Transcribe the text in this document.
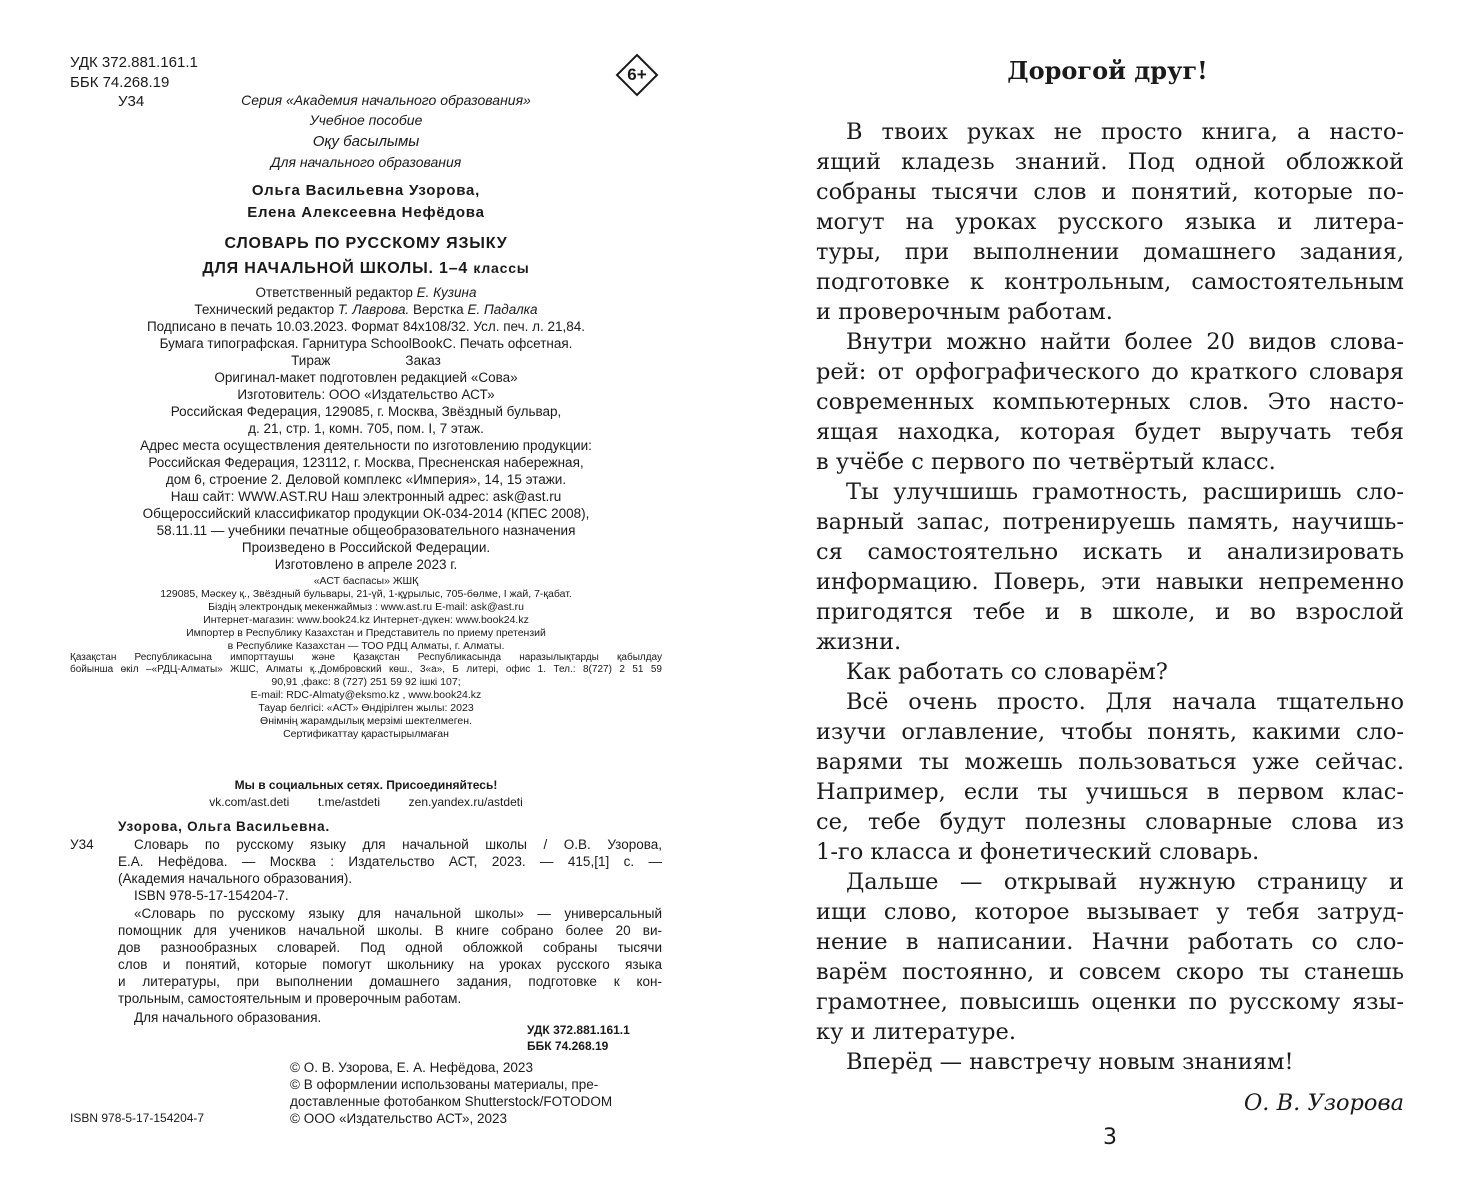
УДК 372.881.161.1
ББК 74.268.19
У34
6+
Серия «Академия начального образования»
Учебное пособие
Оқу басылымы
Для начального образования
Ольга Васильевна Узорова,
Елена Алексеевна Нефёдова
СЛОВАРЬ ПО РУССКОМУ ЯЗЫКУ
ДЛЯ НАЧАЛЬНОЙ ШКОЛЫ. 1–4 классы
Ответственный редактор Е. Кузина
Технический редактор Т. Лаврова. Верстка Е. Падалка
Подписано в печать 10.03.2023. Формат 84x108/32. Усл. печ. л. 21,84.
Бумага типографская. Гарнитура SchoolBookC. Печать офсетная.
Тираж                    Заказ
Оригинал-макет подготовлен редакцией «Сова»
Изготовитель: ООО «Издательство АСТ»
Российская Федерация, 129085, г. Москва, Звёздный бульвар,
д. 21, стр. 1, комн. 705, пом. I, 7 этаж.
Адрес места осуществления деятельности по изготовлению продукции:
Российская Федерация, 123112, г. Москва, Пресненская набережная,
дом 6, строение 2. Деловой комплекс «Империя», 14, 15 этажи.
Наш сайт: WWW.AST.RU Наш электронный адрес: ask@ast.ru
Общероссийский классификатор продукции ОК-034-2014 (КПЕС 2008),
58.11.11 — учебники печатные общеобразовательного назначения
Произведено в Российской Федерации.
Изготовлено в апреле 2023 г.
«АСТ баспасы» ЖШҚ
129085, Мәскеу қ., Звёздный бульвары, 21-үй, 1-құрылыс, 705-бөлме, I жай, 7-қабат.
Біздің электрондық мекенжаймыз : www.ast.ru E-mail: ask@ast.ru
Интернет-магазин: www.book24.kz Интернет-дүкен: www.book24.kz
Импортер в Республику Казахстан и Представитель по приему претензий
в Республике Казахстан — ТОО РДЦ Алматы, г. Алматы.
Қазақстан Республикасына импорттаушы және Қазақстан Республикасында наразылықтарды қабылдау
бойынша өкіл –«РДЦ-Алматы» ЖШС, Алматы қ.,Домбровский көш., 3«а», Б литері, офис 1. Тел.: 8(727) 2 51 59
90,91 ,факс: 8 (727) 251 59 92 ішкі 107;
E-mail: RDC-Almaty@eksmo.kz , www.book24.kz
Тауар белгісі: «АСТ» Өндірілген жылы: 2023
Өнімнің жарамдылық мерзімі шектелмеген.
Сертификаттау қарастырылмаған
Мы в социальных сетях. Присоединяйтесь!
vk.com/ast.deti t.me/astdeti zen.yandex.ru/astdeti
Узорова, Ольга Васильевна.
У34	Словарь по русскому языку для начальной школы / О.В. Узорова,
Е.А. Нефёдова. — Москва : Издательство АСТ, 2023. — 415,[1] с. —
(Академия начального образования).
ISBN 978-5-17-154204-7.
«Словарь по русскому языку для начальной школы» — универсальный
помощник для учеников начальной школы. В книге собрано более 20 ви-
дов разнообразных словарей. Под одной обложкой собраны тысячи
слов и понятий, которые помогут школьнику на уроках русского языка
и литературы, при выполнении домашнего задания, подготовке к кон-
трольным, самостоятельным и проверочным работам.
Для начального образования.
УДК 372.881.161.1
ББК 74.268.19
© О. В. Узорова, Е. А. Нефёдова, 2023
© В оформлении использованы материалы, пре-
доставленные фотобанком Shutterstock/FOTODOM
© ООО «Издательство АСТ», 2023
ISBN 978-5-17-154204-7
Дорогой друг!
В твоих руках не просто книга, а насто-
ящий кладезь знаний. Под одной обложкой
собраны тысячи слов и понятий, которые по-
могут на уроках русского языка и литера-
туры, при выполнении домашнего задания,
подготовке к контрольным, самостоятельным
и проверочным работам.
Внутри можно найти более 20 видов слова-
рей: от орфографического до краткого словаря
современных компьютерных слов. Это насто-
ящая находка, которая будет выручать тебя
в учёбе с первого по четвёртый класс.
Ты улучшишь грамотность, расширишь сло-
варный запас, потренируешь память, научишь-
ся самостоятельно искать и анализировать
информацию. Поверь, эти навыки непременно
пригодятся тебе и в школе, и во взрослой
жизни.
Как работать со словарём?
Всё очень просто. Для начала тщательно
изучи оглавление, чтобы понять, какими сло-
варями ты можешь пользоваться уже сейчас.
Например, если ты учишься в первом клас-
се, тебе будут полезны словарные слова из
1-го класса и фонетический словарь.
Дальше — открывай нужную страницу и
ищи слово, которое вызывает у тебя затруд-
нение в написании. Начни работать со сло-
варём постоянно, и совсем скоро ты станешь
грамотнее, повысишь оценки по русскому язы-
ку и литературе.
Вперёд — навстречу новым знаниям!
О. В. Узорова
3
